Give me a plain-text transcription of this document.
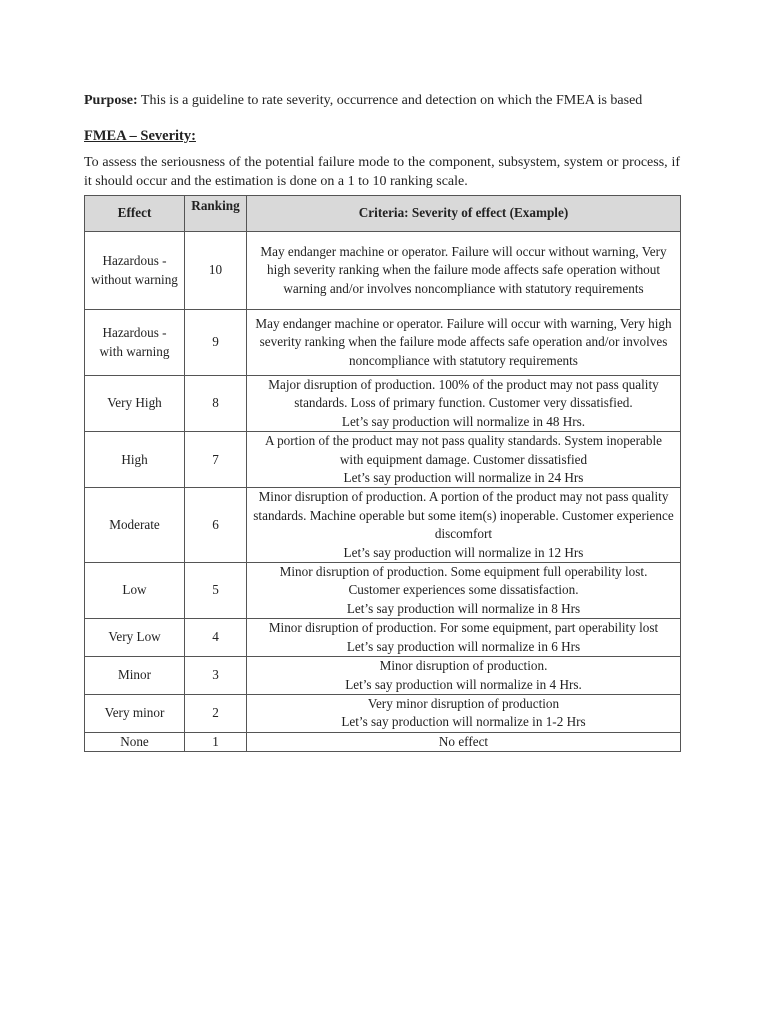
Purpose: This is a guideline to rate severity, occurrence and detection on which the FMEA is based

FMEA – Severity:

To assess the seriousness of the potential failure mode to the component, subsystem, system or process, if it should occur and the estimation is done on a 1 to 10 ranking scale.

Effect	Ranking	Criteria: Severity of effect (Example)
Hazardous - without warning	10	May endanger machine or operator. Failure will occur without warning, Very high severity ranking when the failure mode affects safe operation without warning and/or involves noncompliance with statutory requirements

Hazardous - with warning	9	May endanger machine or operator. Failure will occur with warning, Very high severity ranking when the failure mode affects safe operation and/or involves noncompliance with statutory requirements

Very High	8	Major disruption of production. 100% of the product may not pass quality standards. Loss of primary function. Customer very dissatisfied.
Let’s say production will normalize in 48 Hrs.

High	7	A portion of the product may not pass quality standards. System inoperable with equipment damage. Customer dissatisfied
Let’s say production will normalize in 24 Hrs

Moderate	6	Minor disruption of production. A portion of the product may not pass quality standards. Machine operable but some item(s) inoperable. Customer experience discomfort
Let’s say production will normalize in 12 Hrs

Low	5	Minor disruption of production. Some equipment full operability lost.
Customer experiences some dissatisfaction.
Let’s say production will normalize in 8 Hrs

Very Low	4	Minor disruption of production. For some equipment, part operability lost
Let’s say production will normalize in 6 Hrs

Minor	3	Minor disruption of production.
Let’s say production will normalize in 4 Hrs.

Very minor	2	Very minor disruption of production
Let’s say production will normalize in 1-2 Hrs

None	1	No effect
